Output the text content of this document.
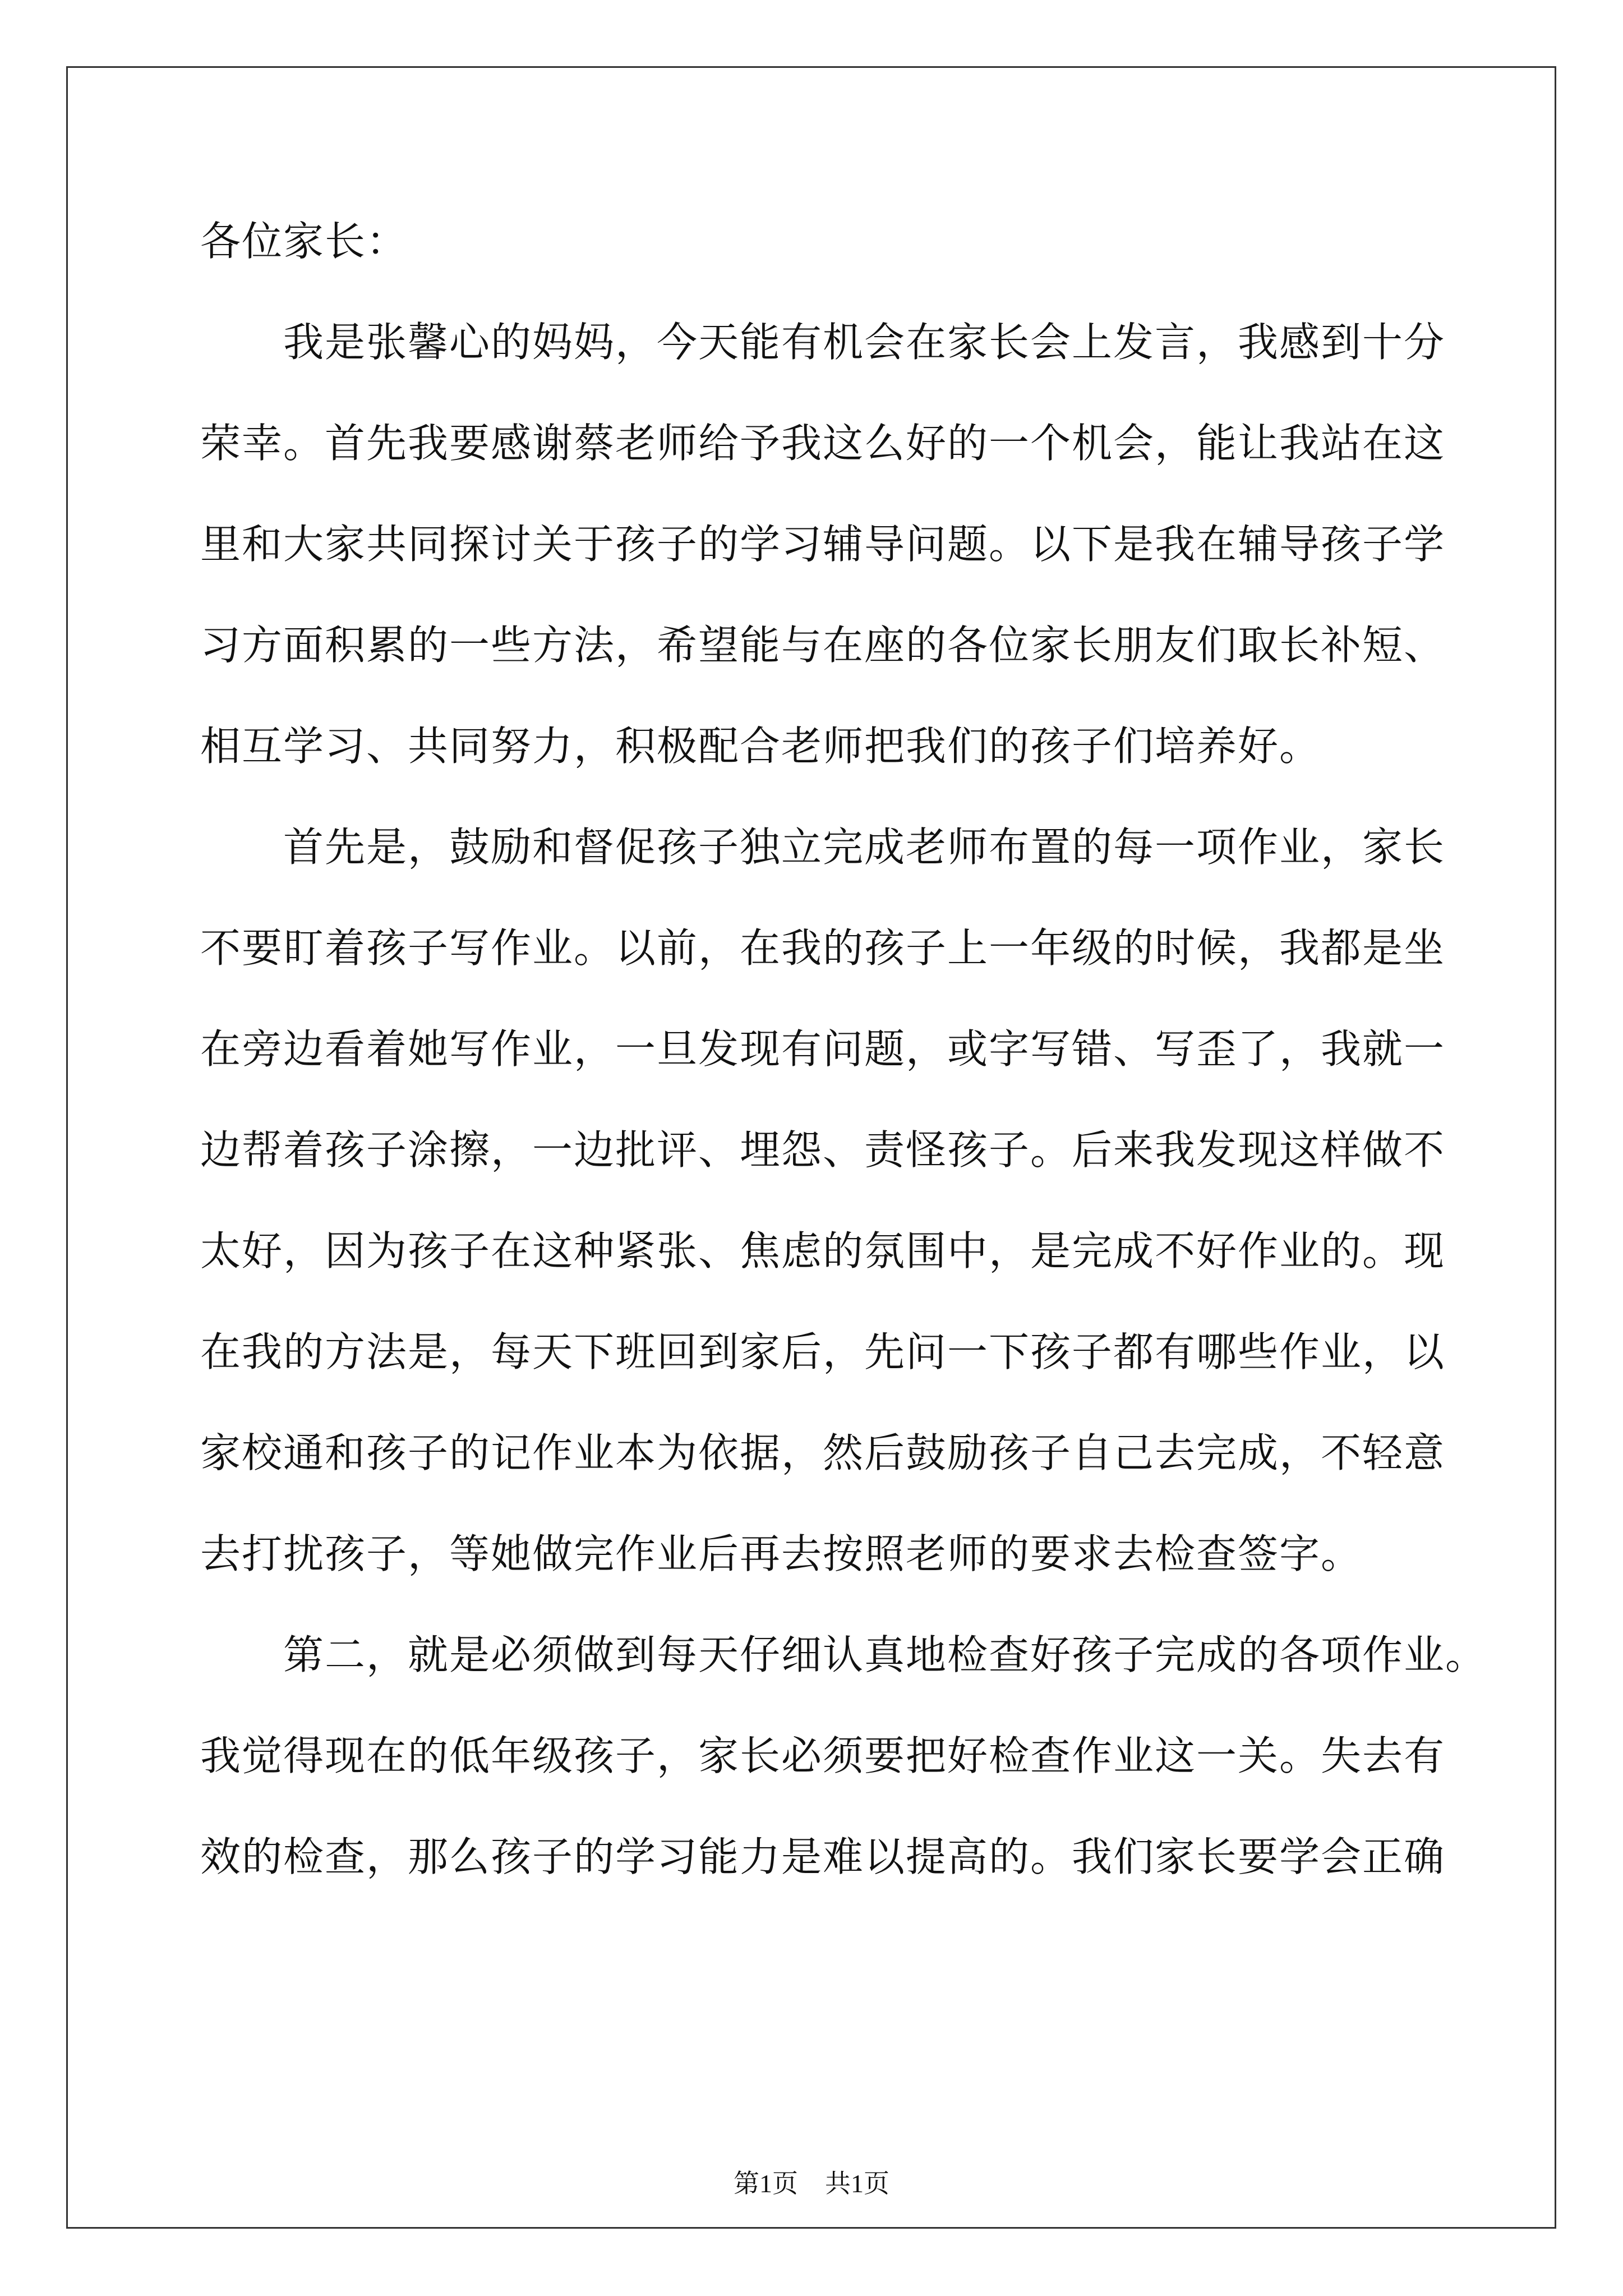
各位家长：
我是张馨心的妈妈，今天能有机会在家长会上发言，我感到十分
荣幸。首先我要感谢蔡老师给予我这么好的一个机会，能让我站在这
里和大家共同探讨关于孩子的学习辅导问题。以下是我在辅导孩子学
习方面积累的一些方法，希望能与在座的各位家长朋友们取长补短、
相互学习、共同努力，积极配合老师把我们的孩子们培养好。
首先是，鼓励和督促孩子独立完成老师布置的每一项作业，家长
不要盯着孩子写作业。以前，在我的孩子上一年级的时候，我都是坐
在旁边看着她写作业，一旦发现有问题，或字写错、写歪了，我就一
边帮着孩子涂擦，一边批评、埋怨、责怪孩子。后来我发现这样做不
太好，因为孩子在这种紧张、焦虑的氛围中，是完成不好作业的。现
在我的方法是，每天下班回到家后，先问一下孩子都有哪些作业，以
家校通和孩子的记作业本为依据，然后鼓励孩子自己去完成，不轻意
去打扰孩子，等她做完作业后再去按照老师的要求去检查签字。
第二，就是必须做到每天仔细认真地检查好孩子完成的各项作业。
我觉得现在的低年级孩子，家长必须要把好检查作业这一关。失去有
效的检查，那么孩子的学习能力是难以提高的。我们家长要学会正确
第1页 共1页
